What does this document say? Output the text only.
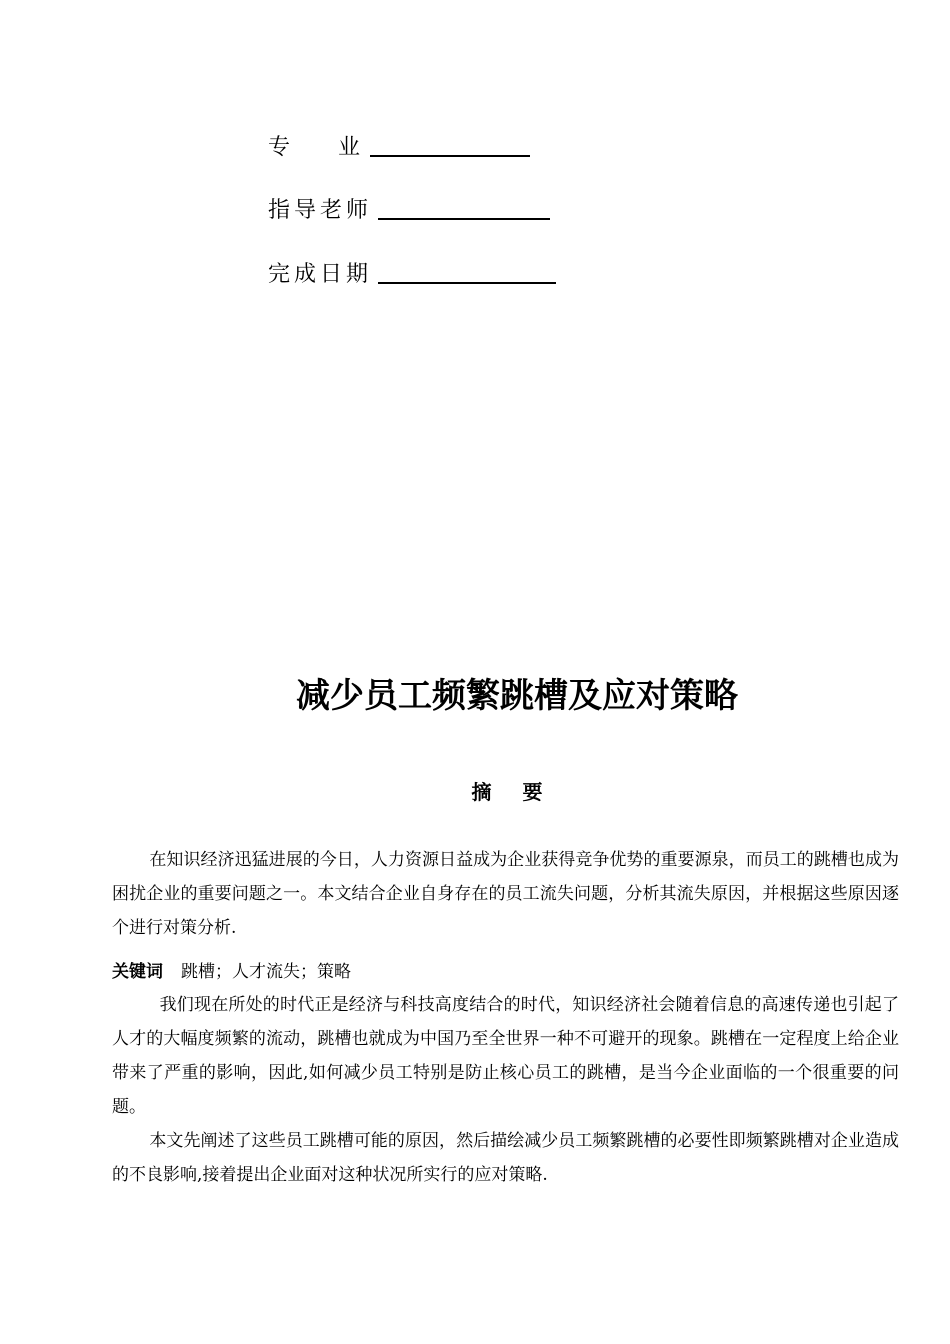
专    业
指导老师
完成日期
减少员工频繁跳槽及应对策略
摘 要

在知识经济迅猛进展的今日，人力资源日益成为企业获得竞争优势的重要源泉，而员工的跳槽也成为困扰企业的重要问题之一。本文结合企业自身存在的员工流失问题，分析其流失原因，并根据这些原因逐个进行对策分析.

关键词 跳槽；人才流失；策略

我们现在所处的时代正是经济与科技高度结合的时代，知识经济社会随着信息的高速传递也引起了人才的大幅度频繁的流动，跳槽也就成为中国乃至全世界一种不可避开的现象。跳槽在一定程度上给企业带来了严重的影响，因此,如何减少员工特别是防止核心员工的跳槽，是当今企业面临的一个很重要的问题。

本文先阐述了这些员工跳槽可能的原因，然后描绘减少员工频繁跳槽的必要性即频繁跳槽对企业造成的不良影响,接着提出企业面对这种状况所实行的应对策略.
